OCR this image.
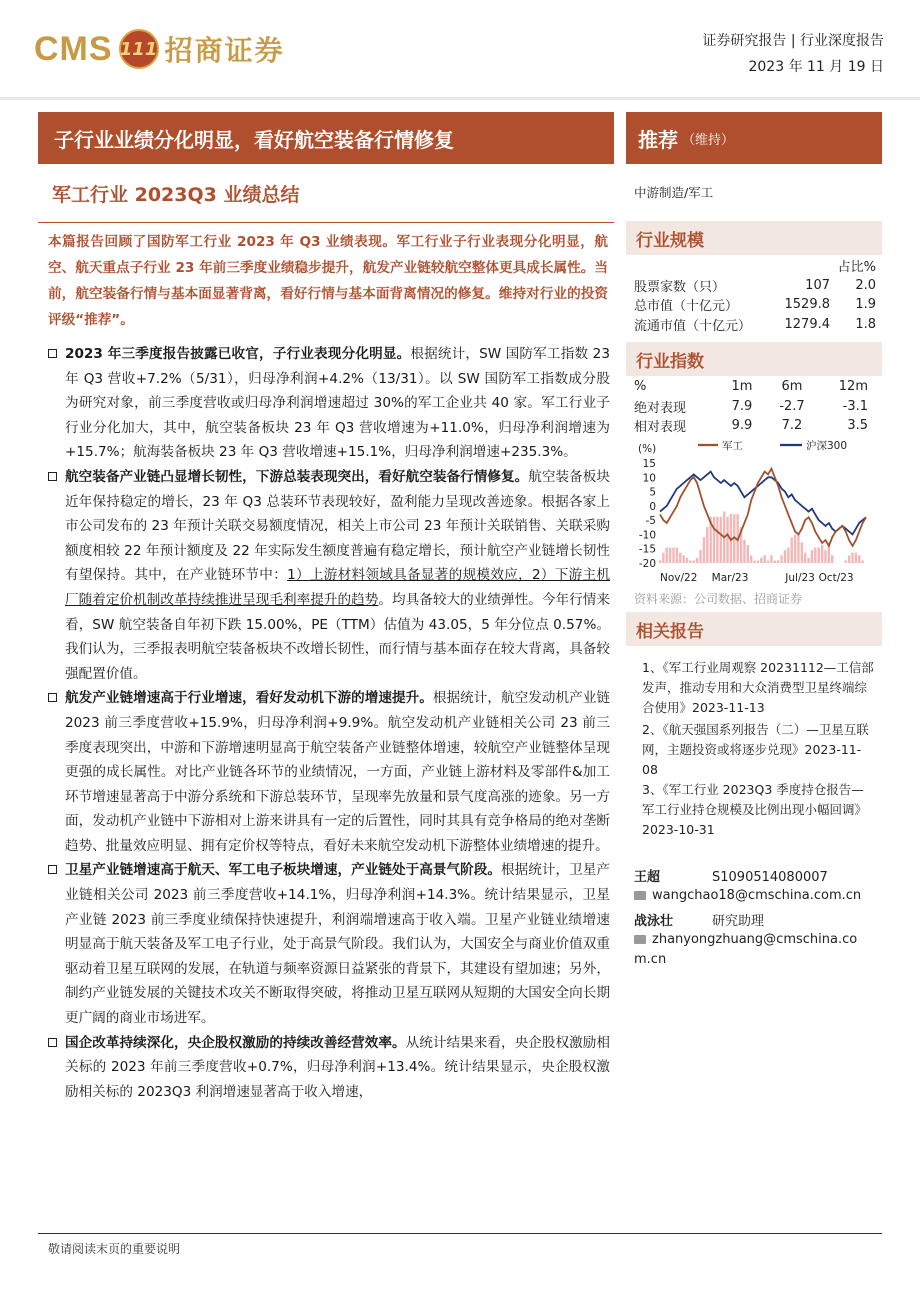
CMS 111 招商证券	证券研究报告 | 行业深度报告
2023 年 11 月 19 日
子行业业绩分化明显，看好航空装备行情修复	推荐 （维持）
军工行业 2023Q3 业绩总结
本篇报告回顾了国防军工行业 2023 年 Q3 业绩表现。军工行业子行业表现分化明显，航空、航天重点子行业 23 年前三季度业绩稳步提升，航发产业链较航空整体更具成长属性。当前，航空装备行情与基本面显著背离，看好行情与基本面背离情况的修复。维持对行业的投资评级“推荐”。
2023 年三季度报告披露已收官，子行业表现分化明显。根据统计，SW 国防军工指数 23 年 Q3 营收+7.2%（5/31），归母净利润+4.2%（13/31）。以 SW 国防军工指数成分股为研究对象，前三季度营收或归母净利润增速超过 30%的军工企业共 40 家。军工行业子行业分化加大，其中，航空装备板块 23 年 Q3 营收增速为+11.0%，归母净利润增速为+15.7%；航海装备板块 23 年 Q3 营收增速+15.1%，归母净利润增速+235.3%。
航空装备产业链凸显增长韧性，下游总装表现突出，看好航空装备行情修复。航空装备板块近年保持稳定的增长，23 年 Q3 总装环节表现较好，盈利能力呈现改善迹象。根据各家上市公司发布的 23 年预计关联交易额度情况，相关上市公司 23 年预计关联销售、关联采购额度相较 22 年预计额度及 22 年实际发生额度普遍有稳定增长，预计航空产业链增长韧性有望保持。其中，在产业链环节中：1）上游材料领域具备显著的规模效应，2）下游主机厂随着定价机制改革持续推进呈现毛利率提升的趋势。均具备较大的业绩弹性。今年行情来看，SW 航空装备自年初下跌 15.00%，PE（TTM）估值为 43.05，5 年分位点 0.57%。我们认为，三季报表明航空装备板块不改增长韧性，而行情与基本面存在较大背离，具备较强配置价值。
航发产业链增速高于行业增速，看好发动机下游的增速提升。根据统计，航空发动机产业链 2023 前三季度营收+15.9%，归母净利润+9.9%。航空发动机产业链相关公司 23 前三季度表现突出，中游和下游增速明显高于航空装备产业链整体增速，较航空产业链整体呈现更强的成长属性。对比产业链各环节的业绩情况，一方面，产业链上游材料及零部件&加工环节增速显著高于中游分系统和下游总装环节，呈现率先放量和景气度高涨的迹象。另一方面，发动机产业链中下游相对上游来讲具有一定的后置性，同时其具有竞争格局的绝对垄断趋势、批量效应明显、拥有定价权等特点，看好未来航空发动机下游整体业绩增速的提升。
卫星产业链增速高于航天、军工电子板块增速，产业链处于高景气阶段。根据统计，卫星产业链相关公司 2023 前三季度营收+14.1%，归母净利润+14.3%。统计结果显示，卫星产业链 2023 前三季度业绩保持快速提升，利润端增速高于收入端。卫星产业链业绩增速明显高于航天装备及军工电子行业，处于高景气阶段。我们认为，大国安全与商业价值双重驱动着卫星互联网的发展，在轨道与频率资源日益紧张的背景下，其建设有望加速；另外，制约产业链发展的关键技术攻关不断取得突破，将推动卫星互联网从短期的大国安全向长期更广阔的商业市场进军。
国企改革持续深化，央企股权激励的持续改善经营效率。从统计结果来看，央企股权激励相关标的 2023 年前三季度营收+0.7%，归母净利润+13.4%。统计结果显示，央企股权激励相关标的 2023Q3 利润增速显著高于收入增速，
中游制造/军工
行业规模
		占比%
股票家数（只）	107	2.0
总市值（十亿元）	1529.8	1.9
流通市值（十亿元）	1279.4	1.8
行业指数
%	1m	6m	12m
绝对表现	7.9	-2.7	-3.1
相对表现	9.9	7.2	3.5
(%)	军工	沪深300
15
10
5
0
-5
-10
-15
-20
Nov/22 Mar/23	Jul/23 Oct/23
资料来源：公司数据、招商证券
相关报告
1、《军工行业周观察 20231112—工信部发声，推动专用和大众消费型卫星终端综合使用》2023-11-13
2、《航天强国系列报告（二）—卫星互联网，主题投资或将逐步兑现》2023-11-08
3、《军工行业 2023Q3 季度持仓报告—军工行业持仓规模及比例出现小幅回调》2023-10-31
王超	S1090514080007
wangchao18@cmschina.com.cn
战泳壮	研究助理
zhanyongzhuang@cmschina.co
m.cn
敬请阅读末页的重要说明
